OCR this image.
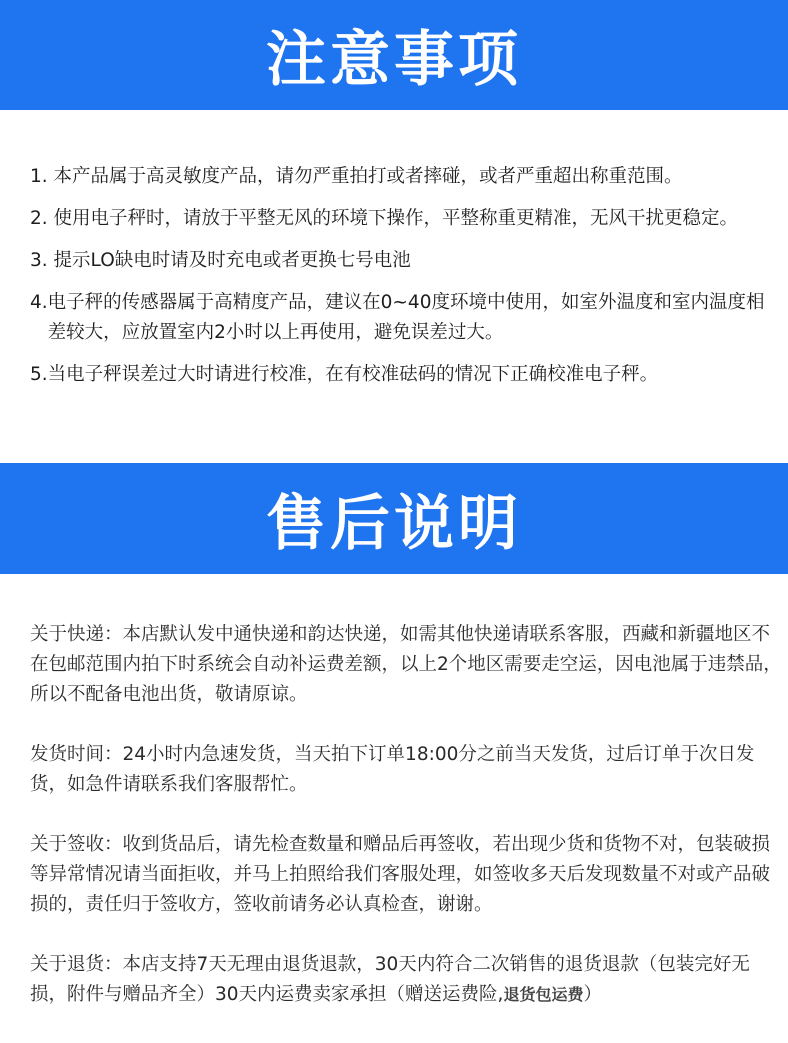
注意事项
1. 本产品属于高灵敏度产品，请勿严重拍打或者摔碰，或者严重超出称重范围。
2. 使用电子秤时，请放于平整无风的环境下操作，平整称重更精准，无风干扰更稳定。
3. 提示LO缺电时请及时充电或者更换七号电池
4. 电子秤的传感器属于高精度产品，建议在0~40度环境中使用，如室外温度和室内温度相差较大，应放置室内2小时以上再使用，避免误差过大。
5. 当电子秤误差过大时请进行校准，在有校准砝码的情况下正确校准电子秤。
售后说明

关于快递：本店默认发中通快递和韵达快递，如需其他快递请联系客服，西藏和新疆地区不在包邮范围内拍下时系统会自动补运费差额，以上2个地区需要走空运，因电池属于违禁品，所以不配备电池出货，敬请原谅。

发货时间：24小时内急速发货，当天拍下订单18:00分之前当天发货，过后订单于次日发货，如急件请联系我们客服帮忙。

关于签收：收到货品后，请先检查数量和赠品后再签收，若出现少货和货物不对，包装破损等异常情况请当面拒收，并马上拍照给我们客服处理，如签收多天后发现数量不对或产品破损的，责任归于签收方，签收前请务必认真检查，谢谢。

关于退货：本店支持7天无理由退货退款，30天内符合二次销售的退货退款（包装完好无损，附件与赠品齐全）30天内运费卖家承担（赠送运费险,退货包运费）
